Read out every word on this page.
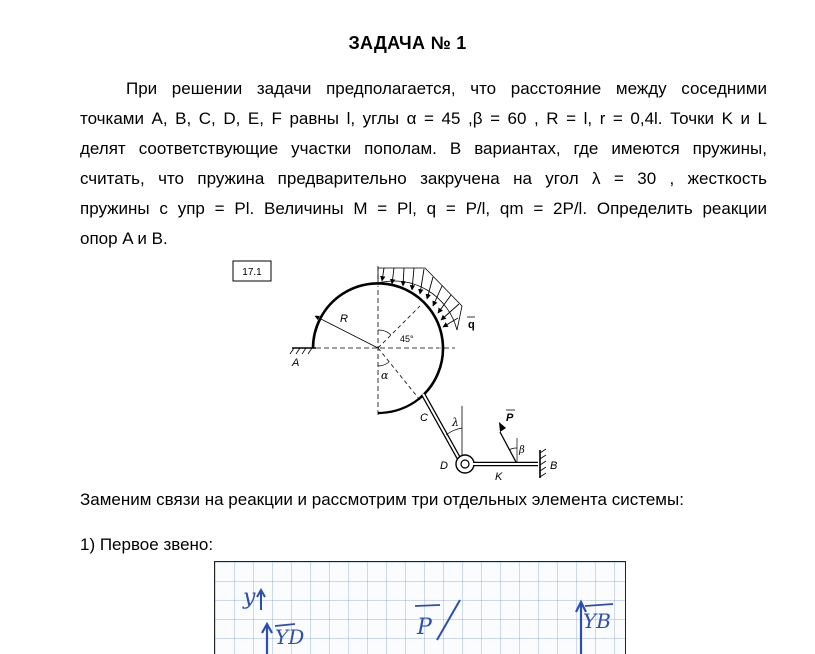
ЗАДАЧА № 1
При решении задачи предполагается, что расстояние между соседними
точками A, B, C, D, E, F равны l, углы α = 45 ,β = 60 , R = l, r = 0,4l. Точки K и L
делят соответствующие участки пополам. В вариантах, где имеются пружины,
считать, что пружина предварительно закручена на угол λ = 30 , жесткость
пружины с упр = Pl. Величины M = Pl, q = P/l, qm = 2P/l. Определить реакции
опор A и B.
17.1
q
R
45°
α
A
C λ
D
K
B
β
P
Заменим связи на реакции и рассмотрим три отдельных элемента системы:
1) Первое звено:
y
YD	P	YB
